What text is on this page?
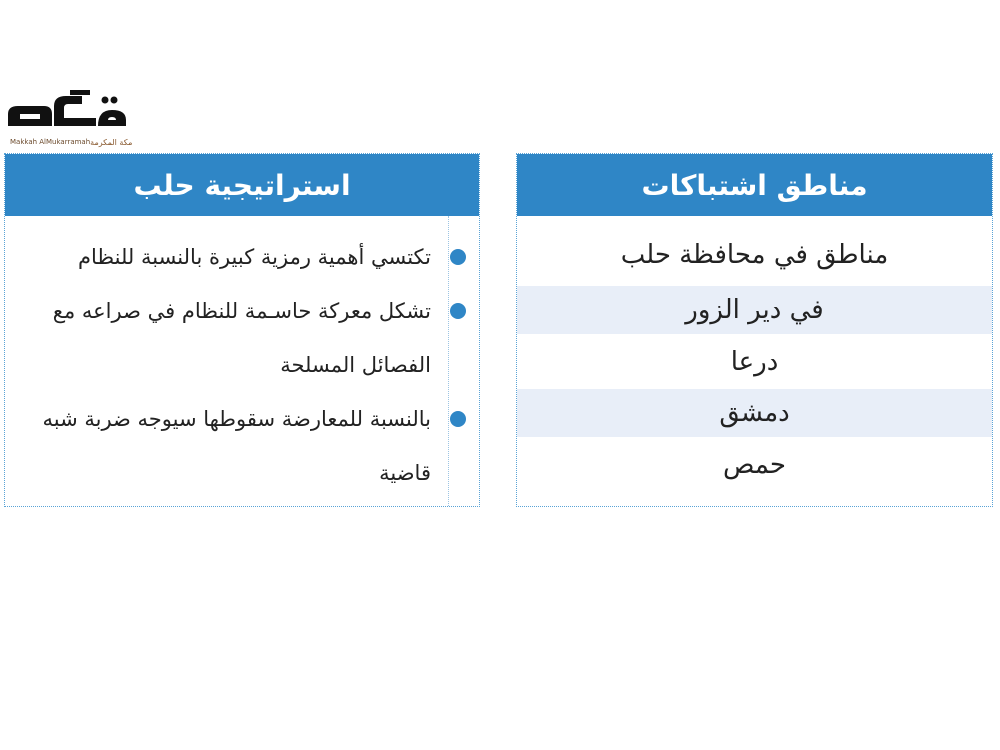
Makkah AlMukarramah مكة المكرمة
استراتيجية حلب
تكتسي أهمية رمزية كبيرة بالنسبة للنظام
تشكل معركة حاسـمة للنظام في صراعه مع الفصائل المسلحة
بالنسبة للمعارضة سقوطها سيوجه ضربة شبه قاضية
مناطق اشتباكات
مناطق في محافظة حلب
في دير الزور
درعا
دمشق
حمص
